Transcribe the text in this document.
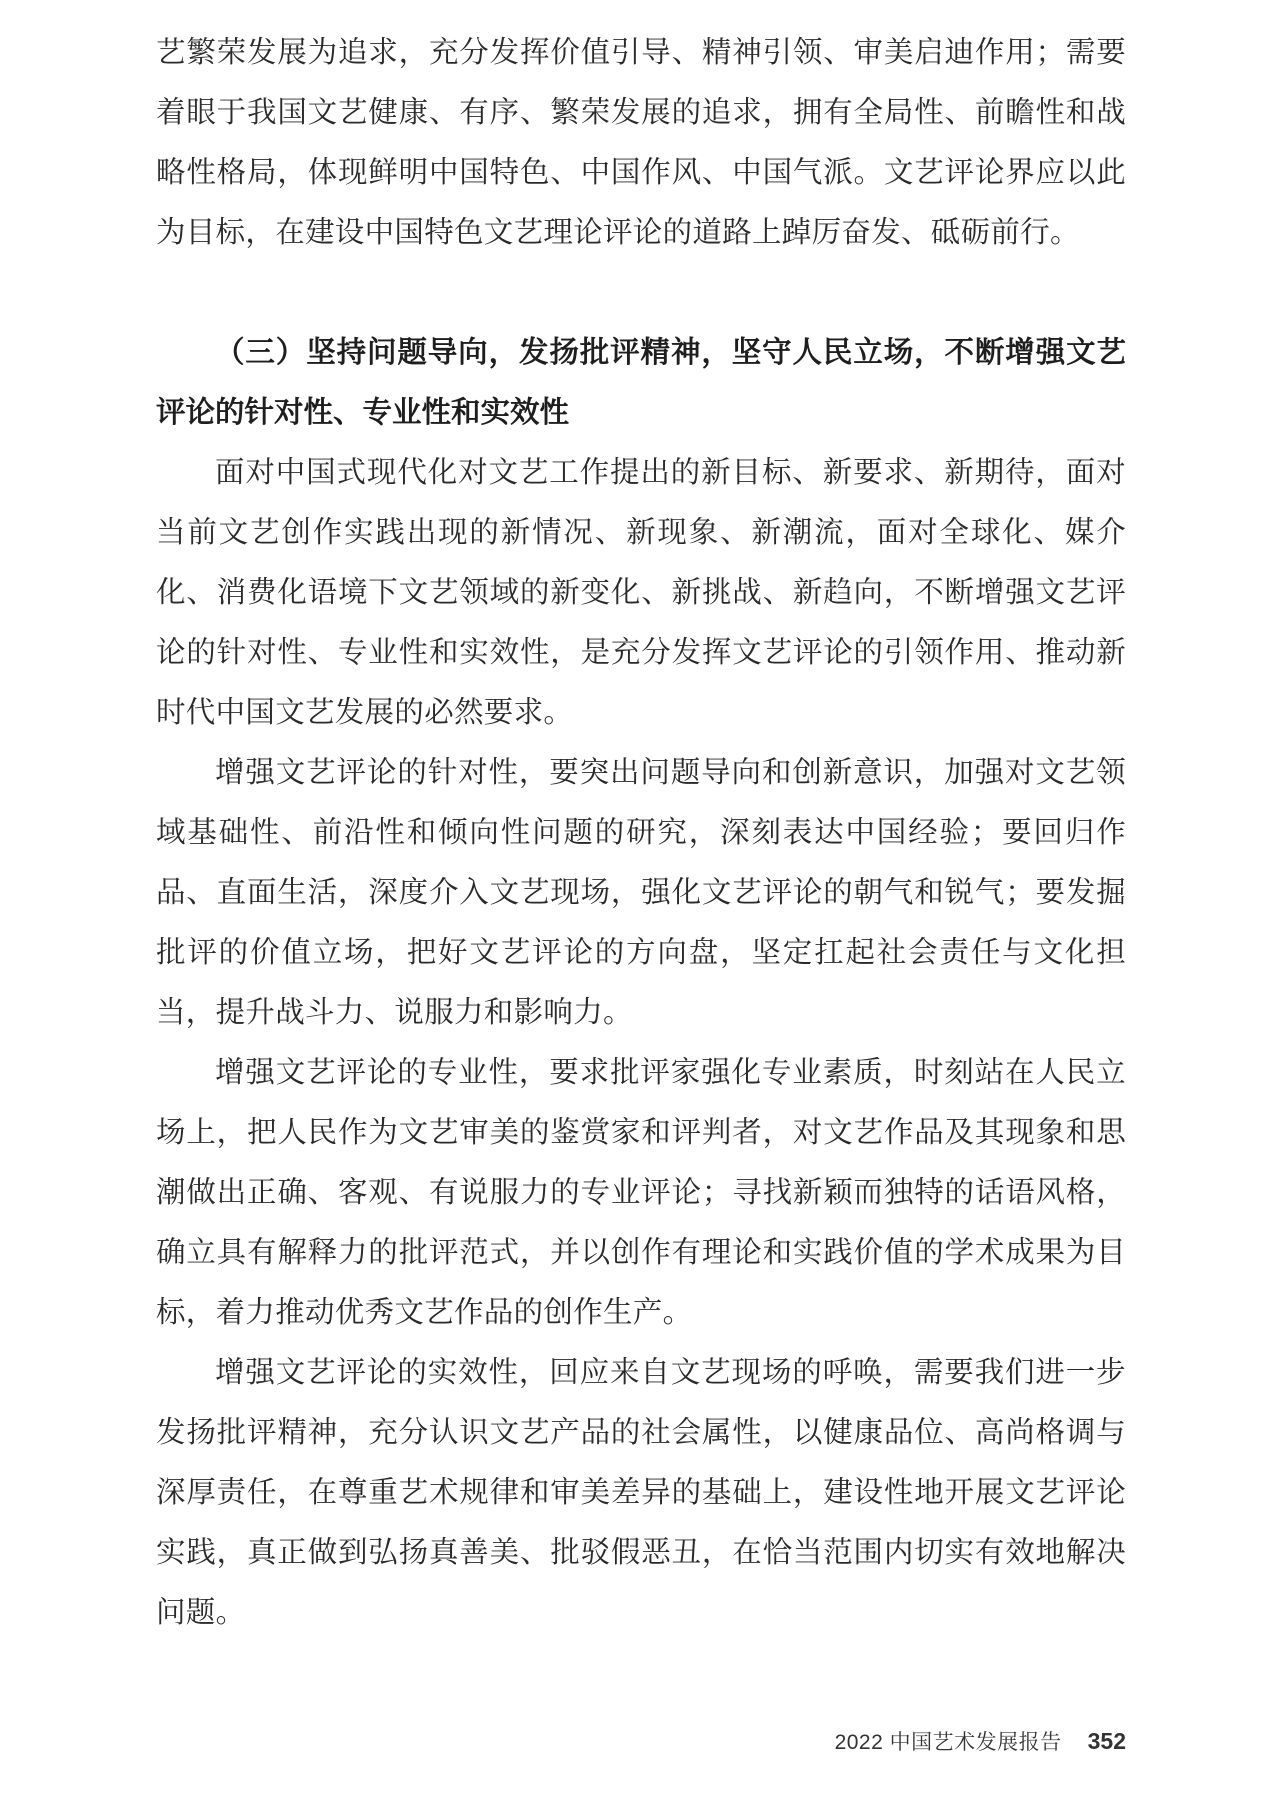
艺繁荣发展为追求，充分发挥价值引导、精神引领、审美启迪作用；需要着眼于我国文艺健康、有序、繁荣发展的追求，拥有全局性、前瞻性和战略性格局，体现鲜明中国特色、中国作风、中国气派。文艺评论界应以此为目标，在建设中国特色文艺理论评论的道路上踔厉奋发、砥砺前行。

（三）坚持问题导向，发扬批评精神，坚守人民立场，不断增强文艺评论的针对性、专业性和实效性

面对中国式现代化对文艺工作提出的新目标、新要求、新期待，面对当前文艺创作实践出现的新情况、新现象、新潮流，面对全球化、媒介化、消费化语境下文艺领域的新变化、新挑战、新趋向，不断增强文艺评论的针对性、专业性和实效性，是充分发挥文艺评论的引领作用、推动新时代中国文艺发展的必然要求。

增强文艺评论的针对性，要突出问题导向和创新意识，加强对文艺领域基础性、前沿性和倾向性问题的研究，深刻表达中国经验；要回归作品、直面生活，深度介入文艺现场，强化文艺评论的朝气和锐气；要发掘批评的价值立场，把好文艺评论的方向盘，坚定扛起社会责任与文化担当，提升战斗力、说服力和影响力。

增强文艺评论的专业性，要求批评家强化专业素质，时刻站在人民立场上，把人民作为文艺审美的鉴赏家和评判者，对文艺作品及其现象和思潮做出正确、客观、有说服力的专业评论；寻找新颖而独特的话语风格，确立具有解释力的批评范式，并以创作有理论和实践价值的学术成果为目标，着力推动优秀文艺作品的创作生产。

增强文艺评论的实效性，回应来自文艺现场的呼唤，需要我们进一步发扬批评精神，充分认识文艺产品的社会属性，以健康品位、高尚格调与深厚责任，在尊重艺术规律和审美差异的基础上，建设性地开展文艺评论实践，真正做到弘扬真善美、批驳假恶丑，在恰当范围内切实有效地解决问题。

2022 中国艺术发展报告 352
